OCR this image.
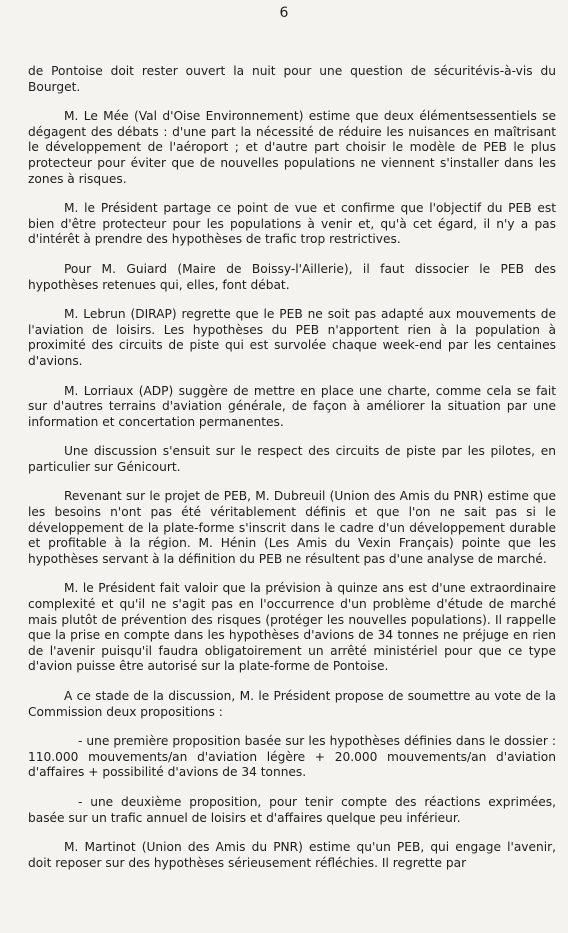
6

de Pontoise doit rester ouvert la nuit pour une question de sécuritévis-à-vis du Bourget.

M. Le Mée (Val d'Oise Environnement) estime que deux élémentsessentiels se dégagent des débats : d'une part la nécessité de réduire les nuisances en maîtrisant le développement de l'aéroport ; et d'autre part choisir le modèle de PEB le plus protecteur pour éviter que de nouvelles populations ne viennent s'installer dans les zones à risques.

M. le Président partage ce point de vue et confirme que l'objectif du PEB est bien d'être protecteur pour les populations à venir et, qu'à cet égard, il n'y a pas d'intérêt à prendre des hypothèses de trafic trop restrictives.

Pour M. Guiard (Maire de Boissy-l'Aillerie), il faut dissocier le PEB des hypothèses retenues qui, elles, font débat.

M. Lebrun (DIRAP) regrette que le PEB ne soit pas adapté aux mouvements de l'aviation de loisirs. Les hypothèses du PEB n'apportent rien à la population à proximité des circuits de piste qui est survolée chaque week-end par les centaines d'avions.

M. Lorriaux (ADP) suggère de mettre en place une charte, comme cela se fait sur d'autres terrains d'aviation générale, de façon à améliorer la situation par une information et concertation permanentes.

Une discussion s'ensuit sur le respect des circuits de piste par les pilotes, en particulier sur Génicourt.

Revenant sur le projet de PEB, M. Dubreuil (Union des Amis du PNR) estime que les besoins n'ont pas été véritablement définis et que l'on ne sait pas si le développement de la plate-forme s'inscrit dans le cadre d'un développement durable et profitable à la région. M. Hénin (Les Amis du Vexin Français) pointe que les hypothèses servant à la définition du PEB ne résultent pas d'une analyse de marché.

M. le Président fait valoir que la prévision à quinze ans est d'une extraordinaire complexité et qu'il ne s'agit pas en l'occurrence d'un problème d'étude de marché mais plutôt de prévention des risques (protéger les nouvelles populations). Il rappelle que la prise en compte dans les hypothèses d'avions de 34 tonnes ne préjuge en rien de l'avenir puisqu'il faudra obligatoirement un arrêté ministériel pour que ce type d'avion puisse être autorisé sur la plate-forme de Pontoise.

A ce stade de la discussion, M. le Président propose de soumettre au vote de la Commission deux propositions :

- une première proposition basée sur les hypothèses définies dans le dossier : 110.000 mouvements/an d'aviation légère + 20.000 mouvements/an d'aviation d'affaires + possibilité d'avions de 34 tonnes.

- une deuxième proposition, pour tenir compte des réactions exprimées, basée sur un trafic annuel de loisirs et d'affaires quelque peu inférieur.

M. Martinot (Union des Amis du PNR) estime qu'un PEB, qui engage l'avenir, doit reposer sur des hypothèses sérieusement réfléchies. Il regrette par
